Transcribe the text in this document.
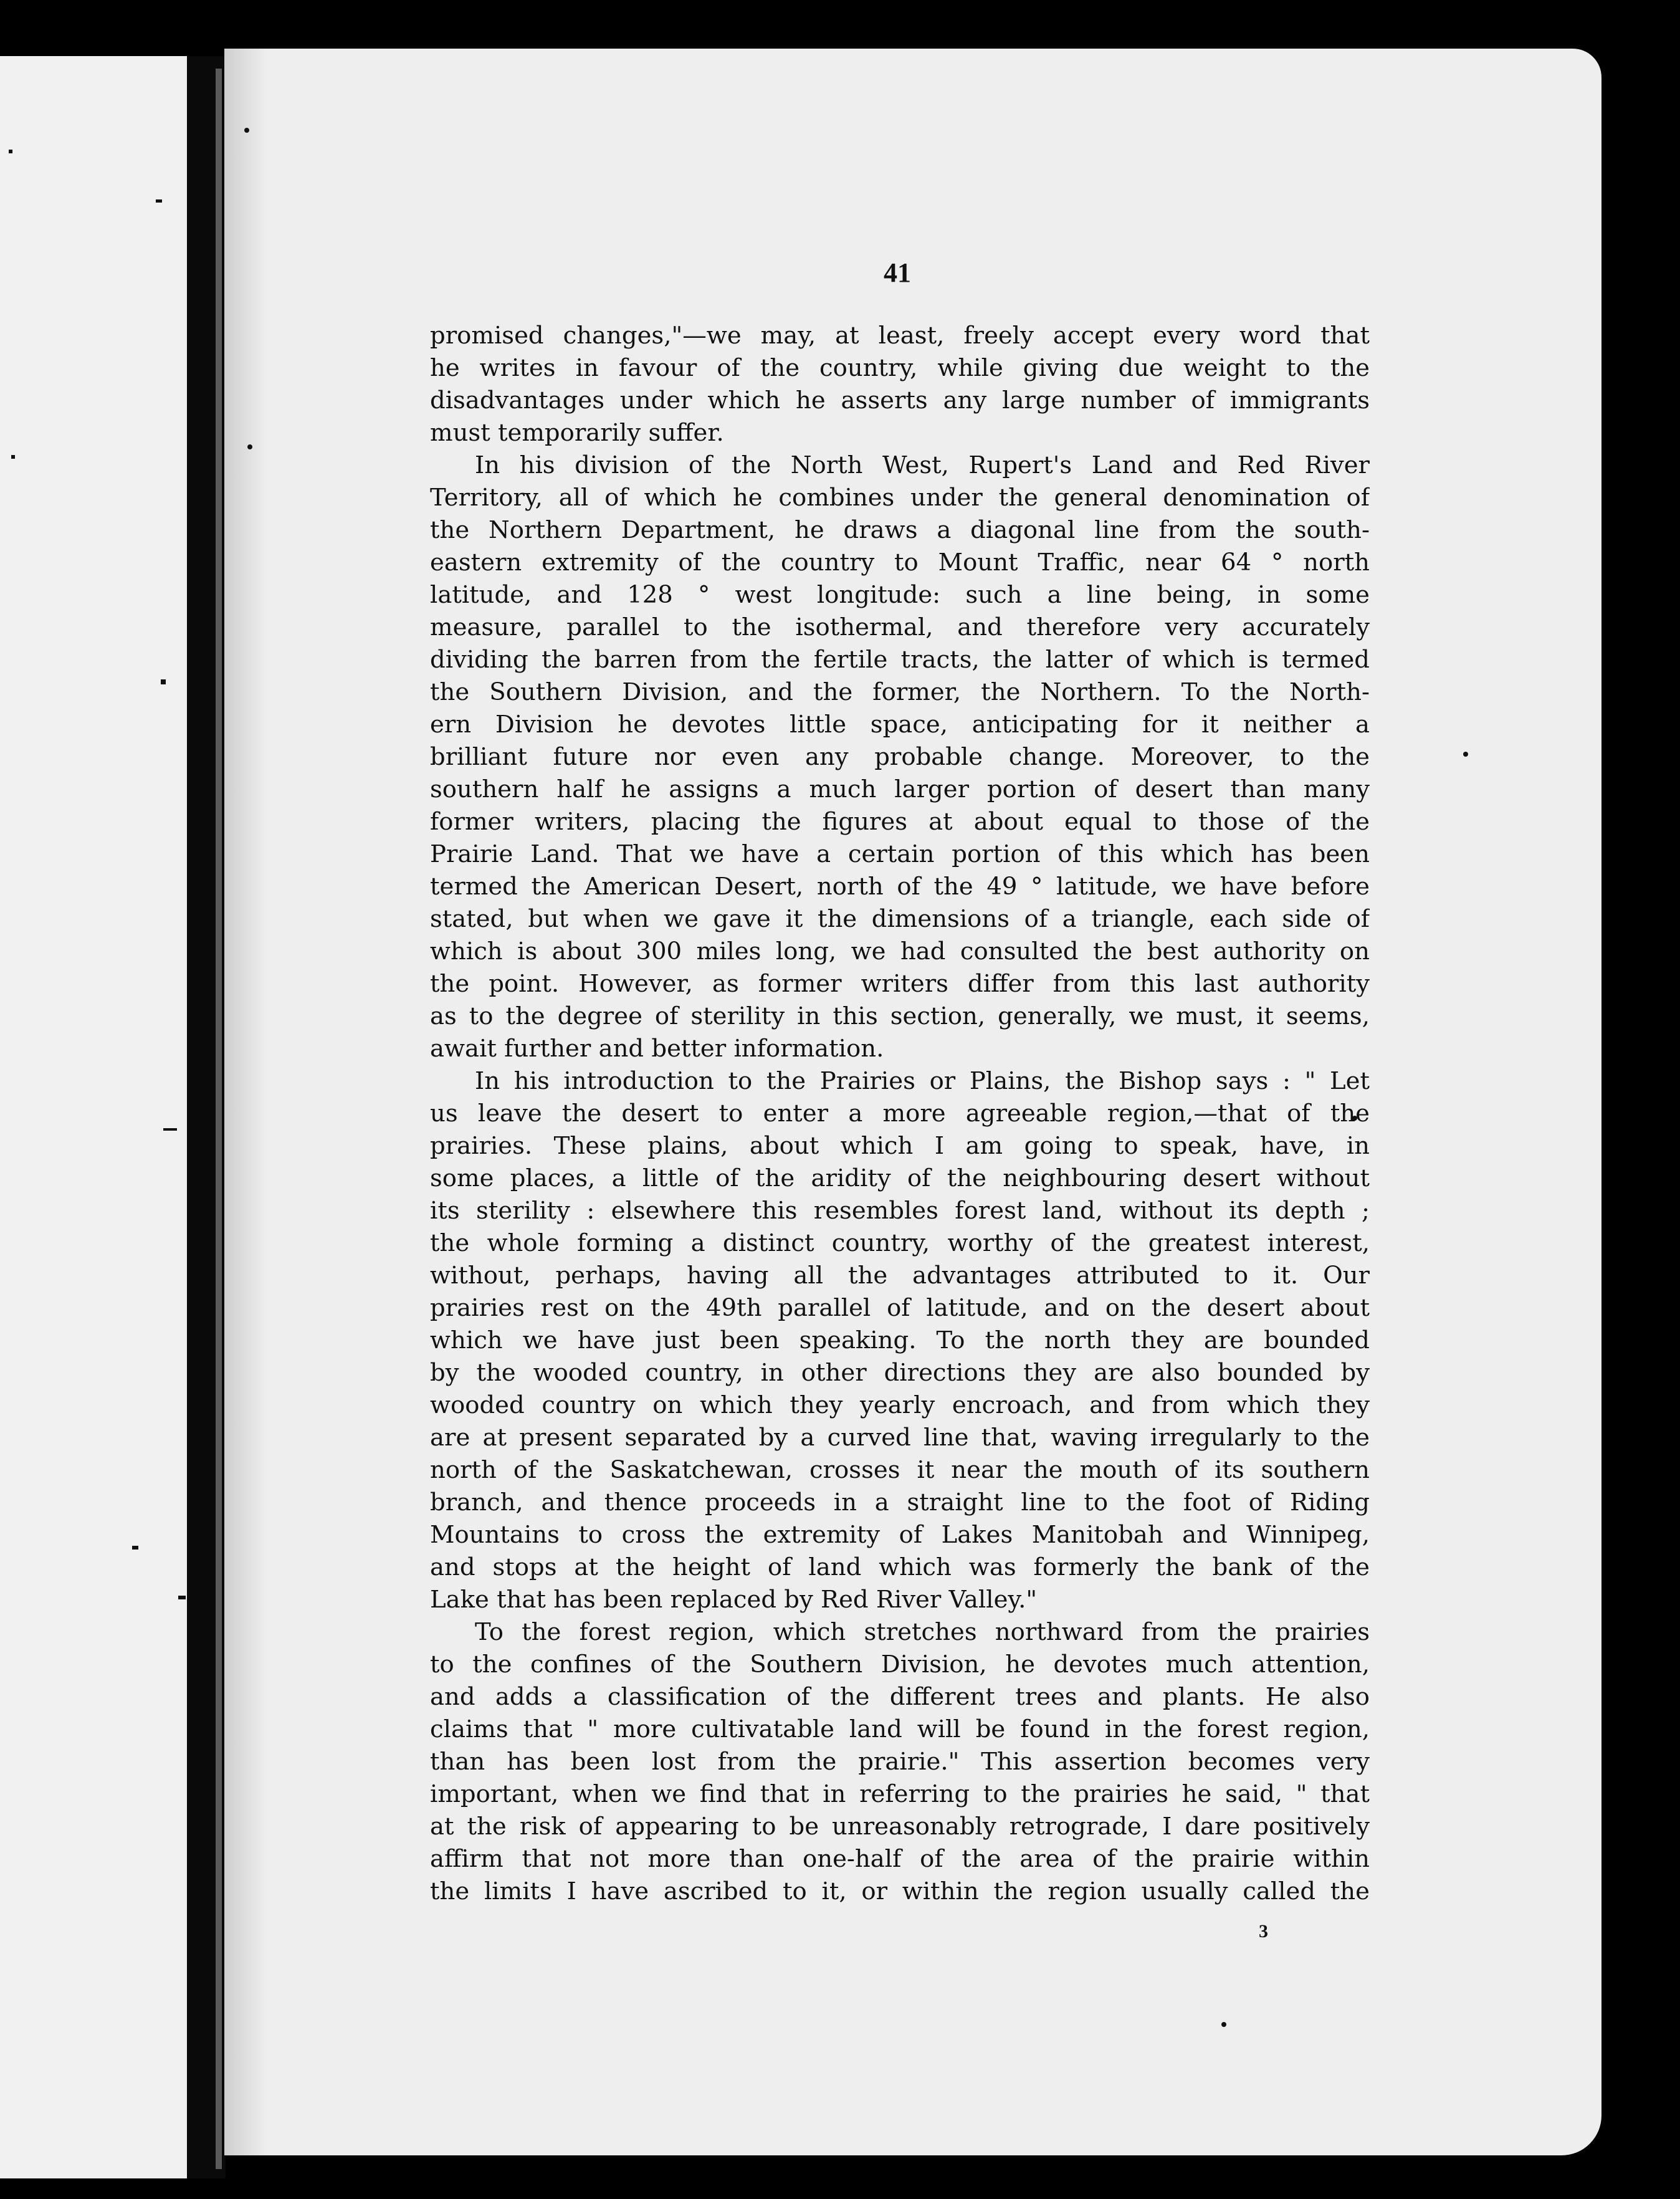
41
promised changes,"—we may, at least, freely accept every word that
he writes in favour of the country, while giving due weight to the
disadvantages under which he asserts any large number of immigrants
must temporarily suffer.
In his division of the North West, Rupert's Land and Red River
Territory, all of which he combines under the general denomination of
the Northern Department, he draws a diagonal line from the south-
eastern extremity of the country to Mount Traffic, near 64 ° north
latitude, and 128 ° west longitude: such a line being, in some
measure, parallel to the isothermal, and therefore very accurately
dividing the barren from the fertile tracts, the latter of which is termed
the Southern Division, and the former, the Northern. To the North-
ern Division he devotes little space, anticipating for it neither a
brilliant future nor even any probable change. Moreover, to the
southern half he assigns a much larger portion of desert than many
former writers, placing the figures at about equal to those of the
Prairie Land. That we have a certain portion of this which has been
termed the American Desert, north of the 49 ° latitude, we have before
stated, but when we gave it the dimensions of a triangle, each side of
which is about 300 miles long, we had consulted the best authority on
the point. However, as former writers differ from this last authority
as to the degree of sterility in this section, generally, we must, it seems,
await further and better information.
In his introduction to the Prairies or Plains, the Bishop says : " Let
us leave the desert to enter a more agreeable region,—that of the
prairies. These plains, about which I am going to speak, have, in
some places, a little of the aridity of the neighbouring desert without
its sterility : elsewhere this resembles forest land, without its depth ;
the whole forming a distinct country, worthy of the greatest interest,
without, perhaps, having all the advantages attributed to it. Our
prairies rest on the 49th parallel of latitude, and on the desert about
which we have just been speaking. To the north they are bounded
by the wooded country, in other directions they are also bounded by
wooded country on which they yearly encroach, and from which they
are at present separated by a curved line that, waving irregularly to the
north of the Saskatchewan, crosses it near the mouth of its southern
branch, and thence proceeds in a straight line to the foot of Riding
Mountains to cross the extremity of Lakes Manitobah and Winnipeg,
and stops at the height of land which was formerly the bank of the
Lake that has been replaced by Red River Valley."
To the forest region, which stretches northward from the prairies
to the confines of the Southern Division, he devotes much attention,
and adds a classification of the different trees and plants. He also
claims that " more cultivatable land will be found in the forest region,
than has been lost from the prairie." This assertion becomes very
important, when we find that in referring to the prairies he said, " that
at the risk of appearing to be unreasonably retrograde, I dare positively
affirm that not more than one-half of the area of the prairie within
the limits I have ascribed to it, or within the region usually called the
3
